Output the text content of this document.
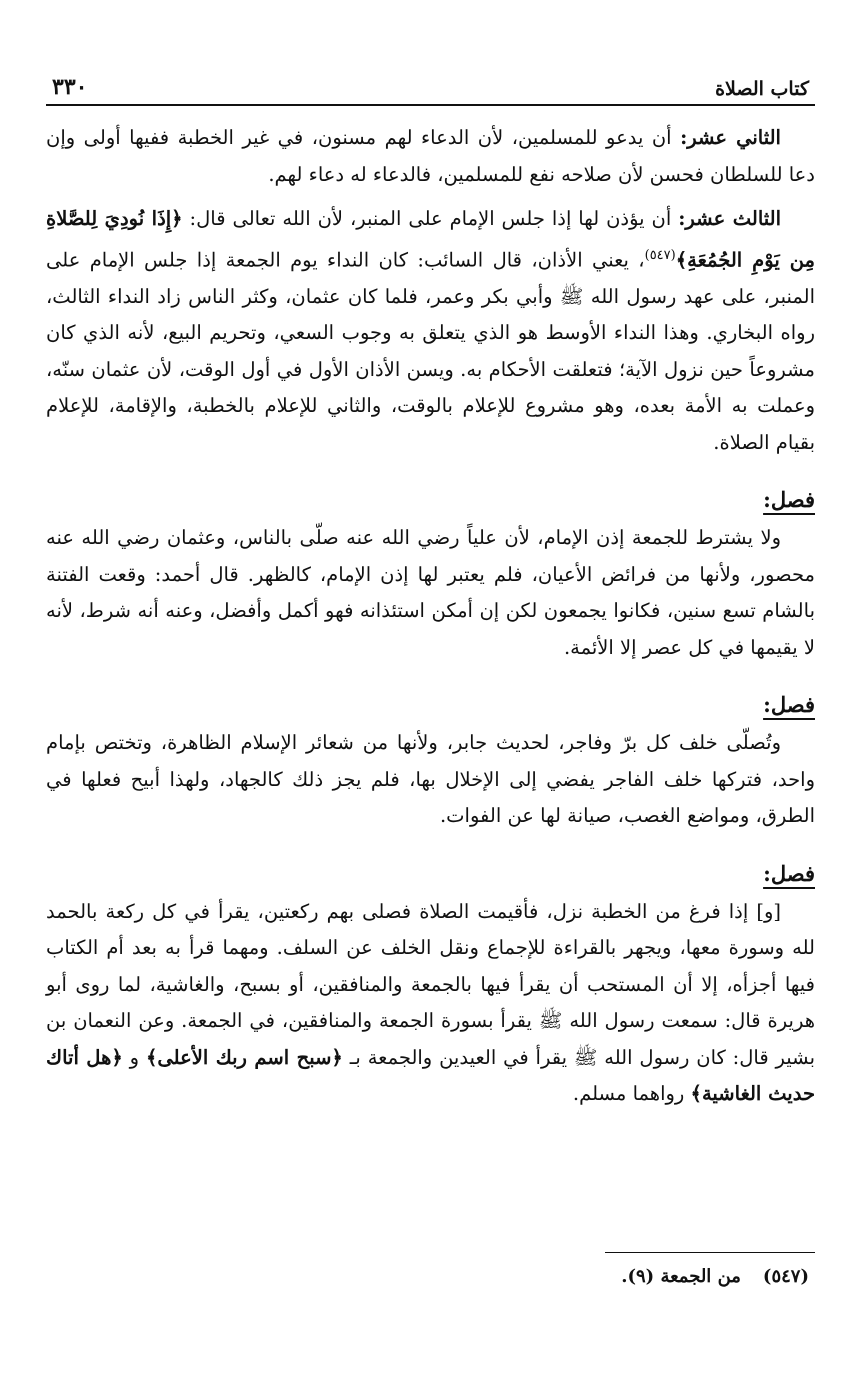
كتاب الصلاة
٣٣٠

الثاني عشر: أن يدعو للمسلمين، لأن الدعاء لهم مسنون، في غير الخطبة ففيها أولى وإن دعا للسلطان فحسن لأن صلاحه نفع للمسلمين، فالدعاء له دعاء لهم.

الثالث عشر: أن يؤذن لها إذا جلس الإمام على المنبر، لأن الله تعالى قال: ﴿إِذَا نُودِيَ لِلصَّلاةِ مِن يَوْمِ الجُمُعَةِ﴾$^{(٥٤٧)}$، يعني الأذان، قال السائب: كان النداء يوم الجمعة إذا جلس الإمام على المنبر، على عهد رسول الله ﷺ وأبي بكر وعمر، فلما كان عثمان، وكثر الناس زاد النداء الثالث، رواه البخاري. وهذا النداء الأوسط هو الذي يتعلق به وجوب السعي، وتحريم البيع، لأنه الذي كان مشروعاً حين نزول الآية؛ فتعلقت الأحكام به. ويسن الأذان الأول في أول الوقت، لأن عثمان سنّه، وعملت به الأمة بعده، وهو مشروع للإعلام بالوقت، والثاني للإعلام بالخطبة، والإقامة، للإعلام بقيام الصلاة.

فصل:

ولا يشترط للجمعة إذن الإمام، لأن علياً رضي الله عنه صلّى بالناس، وعثمان رضي الله عنه محصور، ولأنها من فرائض الأعيان، فلم يعتبر لها إذن الإمام، كالظهر. قال أحمد: وقعت الفتنة بالشام تسع سنين، فكانوا يجمعون لكن إن أمكن استئذانه فهو أكمل وأفضل، وعنه أنه شرط، لأنه لا يقيمها في كل عصر إلا الأئمة.

فصل:

وتُصلّى خلف كل برّ وفاجر، لحديث جابر، ولأنها من شعائر الإسلام الظاهرة، وتختص بإمام واحد، فتركها خلف الفاجر يفضي إلى الإخلال بها، فلم يجز ذلك كالجهاد، ولهذا أبيح فعلها في الطرق، ومواضع الغصب، صيانة لها عن الفوات.

فصل:

[و] إذا فرغ من الخطبة نزل، فأقيمت الصلاة فصلى بهم ركعتين، يقرأ في كل ركعة بالحمد لله وسورة معها، ويجهر بالقراءة للإجماع ونقل الخلف عن السلف. ومهما قرأ به بعد أم الكتاب فيها أجزأه، إلا أن المستحب أن يقرأ فيها بالجمعة والمنافقين، أو بسبح، والغاشية، لما روى أبو هريرة قال: سمعت رسول الله ﷺ يقرأ بسورة الجمعة والمنافقين، في الجمعة. وعن النعمان بن بشير قال: كان رسول الله ﷺ يقرأ في العيدين والجمعة بـ ﴿سبح اسم ربك الأعلى﴾ و ﴿هل أتاك حديث الغاشية﴾ رواهما مسلم.

(٥٤٧)من الجمعة (٩).
